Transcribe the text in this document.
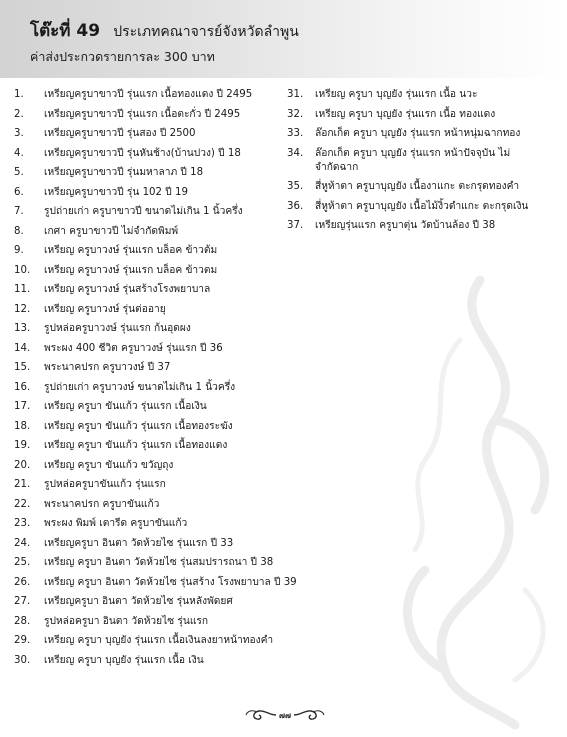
โต๊ะที่ 49 ประเภทคณาจารย์จังหวัดลำพูน
ค่าส่งประกวดรายการละ 300 บาท
1.	เหรียญครูบาขาวปี รุ่นแรก เนื้อทองแดง ปี 2495
2.	เหรียญครูบาขาวปี รุ่นแรก เนื้อตะกั่ว ปี 2495
3.	เหรียญครูบาขาวปี รุ่นสอง ปี 2500
4.	เหรียญครูบาขาวปี รุ่นหันช้าง(บ้านปวง) ปี 18
5.	เหรียญครูบาขาวปี รุ่นมหาลาภ ปี 18
6.	เหรียญครูบาขาวปี รุ่น 102 ปี 19
7.	รูปถ่ายเก่า ครูบาขาวปี ขนาดไม่เกิน 1 นิ้วครึ่ง
8.	เกศา ครูบาขาวปี ไม่จำกัดพิมพ์
9.	เหรียญ ครูบาวงษ์ รุ่นแรก บล็อค ข้าวต้ม
10.	เหรียญ ครูบาวงษ์ รุ่นแรก บล็อค ข้าวตม
11.	เหรียญ ครูบาวงษ์ รุ่นสร้างโรงพยาบาล
12.	เหรียญ ครูบาวงษ์ รุ่นต่ออายุ
13.	รูปหล่อครูบาวงษ์ รุ่นแรก ก้นอุดผง
14.	พระผง 400 ชีวิต ครูบาวงษ์ รุ่นแรก ปี 36
15.	พระนาคปรก ครูบาวงษ์ ปี 37
16.	รูปถ่ายเก่า ครูบาวงษ์ ขนาดไม่เกิน 1 นิ้วครึ่ง
17.	เหรียญ ครูบา ขันแก้ว รุ่นแรก เนื้อเงิน
18.	เหรียญ ครูบา ขันแก้ว รุ่นแรก เนื้อทองระฆัง
19.	เหรียญ ครูบา ขันแก้ว รุ่นแรก เนื้อทองแดง
20.	เหรียญ ครูบา ขันแก้ว ขวัญถุง
21.	รูปหล่อครูบาขันแก้ว รุ่นแรก
22.	พระนาคปรก ครูบาขันแก้ว
23.	พระผง พิมพ์ เตารีด ครูบาขันแก้ว
24.	เหรียญครูบา อินตา วัดห้วยไซ รุ่นแรก ปี 33
25.	เหรียญ ครูบา อินตา วัดห้วยไซ รุ่นสมปรารถนา ปี 38
26.	เหรียญ ครูบา อินตา วัดห้วยไซ รุ่นสร้าง โรงพยาบาล ปี 39
27.	เหรียญครูบา อินตา วัดห้วยไซ รุ่นหลังพัดยศ
28.	รูปหล่อครูบา อินตา วัดห้วยไซ รุ่นแรก
29.	เหรียญ ครูบา บุญยัง รุ่นแรก เนื้อเงินลงยาหน้าทองคำ
30.	เหรียญ ครูบา บุญยัง รุ่นแรก เนื้อ เงิน
31.	เหรียญ ครูบา บุญยัง รุ่นแรก เนื้อ นวะ
32.	เหรียญ ครูบา บุญยัง รุ่นแรก เนื้อ ทองแดง
33.	ล๊อกเก็ต ครูบา บุญยัง รุ่นแรก หน้าหนุ่มฉากทอง
34.	ล๊อกเก็ต ครูบา บุญยัง รุ่นแรก หน้าปัจจุบัน ไม่จำกัดฉาก
35.	สี่หูห้าตา ครูบาบุญยัง เนื้องาแกะ ตะกรุดทองคำ
36.	สี่หูห้าตา ครูบาบุญยัง เนื้อไม้งิ้วดำแกะ ตะกรุดเงิน
37.	เหรียญรุ่นแรก ครูบาตุ่น วัดบ้านล้อง ปี 38
๗๗
